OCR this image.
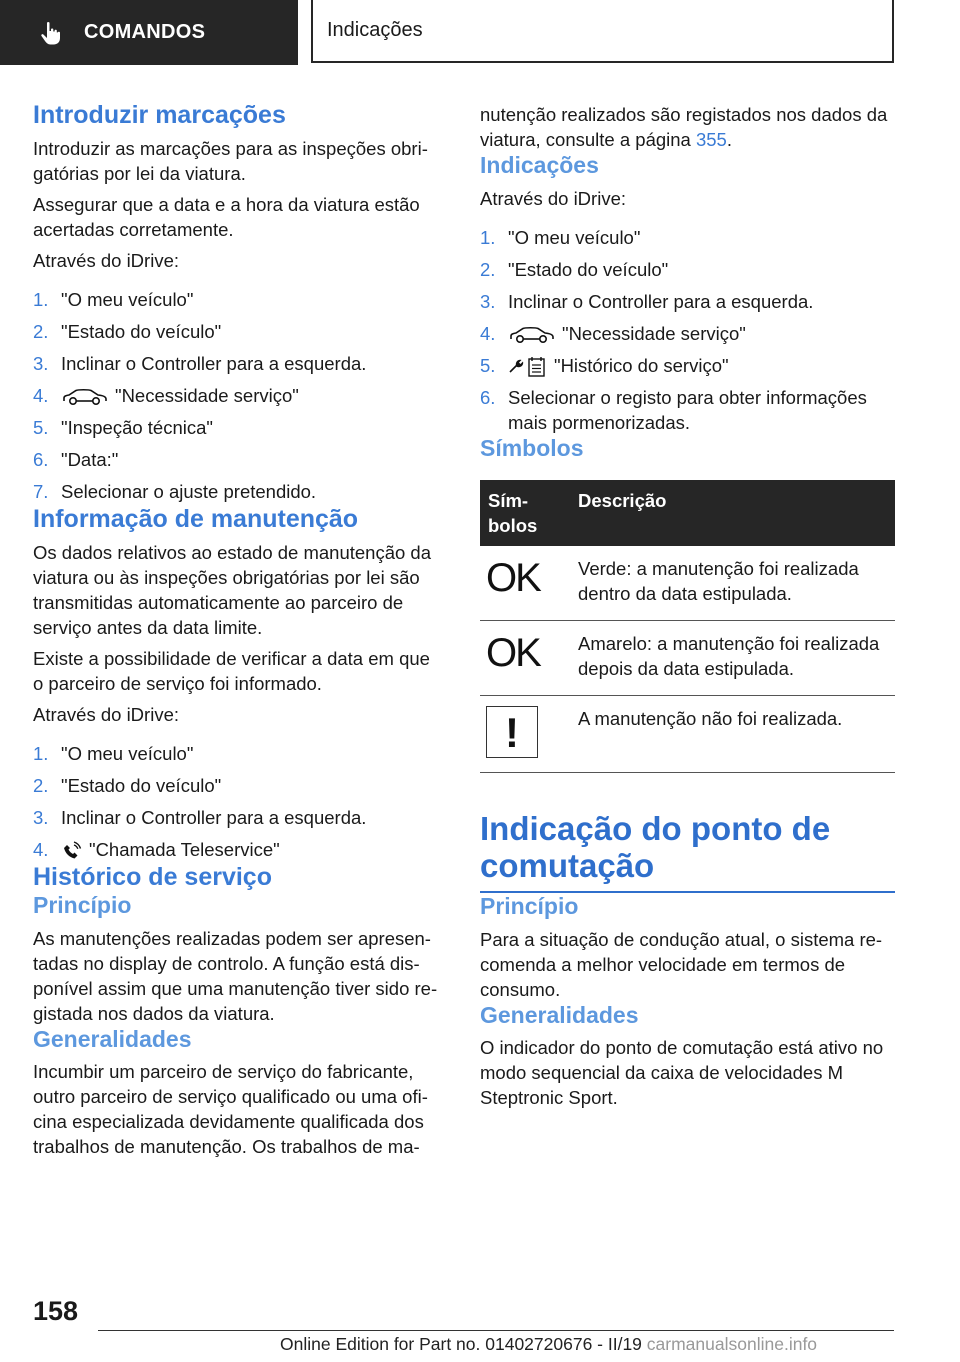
COMANDOS	Indicações
Introduzir marcações

Introduzir as marcações para as inspeções obri-gatórias por lei da viatura.

Assegurar que a data e a hora da viatura estão acertadas corretamente.

Através do iDrive:

1. "O meu veículo"
2. "Estado do veículo"
3. Inclinar o Controller para a esquerda.
4.	"Necessidade serviço"
5. "Inspeção técnica"
6. "Data:"
7. Selecionar o ajuste pretendido.
Informação de manutenção

Os dados relativos ao estado de manutenção da viatura ou às inspeções obrigatórias por lei são transmitidas automaticamente ao parceiro de serviço antes da data limite.

Existe a possibilidade de verificar a data em que o parceiro de serviço foi informado.

Através do iDrive:

1. "O meu veículo"
2. "Estado do veículo"
3. Inclinar o Controller para a esquerda.
4.	"Chamada Teleservice"
Histórico de serviço
Princípio

As manutenções realizadas podem ser apresen-tadas no display de controlo. A função está dis-ponível assim que uma manutenção tiver sido re-gistada nos dados da viatura.

Generalidades

Incumbir um parceiro de serviço do fabricante, outro parceiro de serviço qualificado ou uma ofi-cina especializada devidamente qualificada dos trabalhos de manutenção. Os trabalhos de ma-

nutenção realizados são registados nos dados da viatura, consulte a página 355.

Indicações

Através do iDrive:

1. "O meu veículo"
2. "Estado do veículo"
3. Inclinar o Controller para a esquerda.
4.	"Necessidade serviço"
5.	"Histórico do serviço"
6. Selecionar o registo para obter informações mais pormenorizadas.
Símbolos
Sím-bolos	Descrição
OK	Verde: a manutenção foi realizada dentro da data estipulada.
OK	Amarelo: a manutenção foi realizada depois da data estipulada.

!	A manutenção não foi realizada.
Indicação do ponto de comutação
Princípio

Para a situação de condução atual, o sistema re-comenda a melhor velocidade em termos de consumo.

Generalidades

O indicador do ponto de comutação está ativo no modo sequencial da caixa de velocidades M Steptronic Sport.

158
Online Edition for Part no. 01402720676 - II/19 carmanualsonline.info
